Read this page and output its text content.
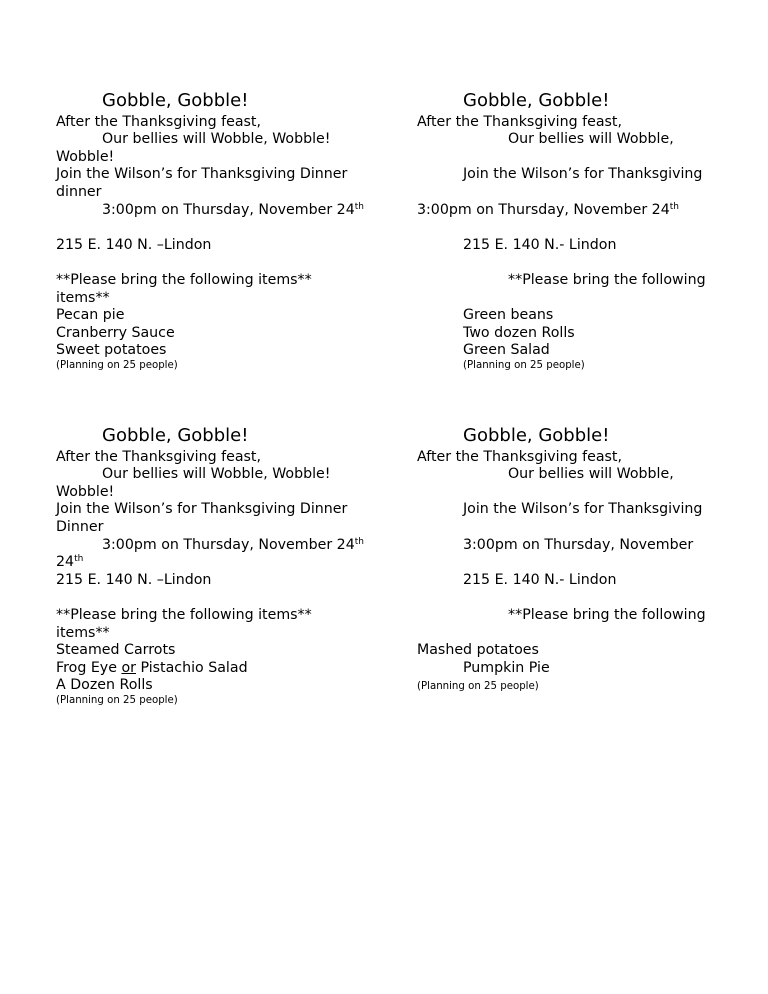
Gobble, Gobble!
After the Thanksgiving feast,
Our bellies will Wobble, Wobble!
Wobble!
Join the Wilson’s for Thanksgiving Dinner
dinner
3:00pm on Thursday, November 24th
215 E. 140 N. –Lindon
**Please bring the following items**
items**
Pecan pie
Cranberry Sauce
Sweet potatoes
(Planning on 25 people)
Gobble, Gobble!
After the Thanksgiving feast,
Our bellies will Wobble,
Join the Wilson’s for Thanksgiving
3:00pm on Thursday, November 24th
215 E. 140 N.- Lindon
**Please bring the following
Green beans
Two dozen Rolls
Green Salad
(Planning on 25 people)
Gobble, Gobble!
After the Thanksgiving feast,
Our bellies will Wobble, Wobble!
Wobble!
Join the Wilson’s for Thanksgiving Dinner
Dinner
3:00pm on Thursday, November 24th
24th
215 E. 140 N. –Lindon
**Please bring the following items**
items**
Steamed Carrots
Frog Eye or Pistachio Salad
A Dozen Rolls
(Planning on 25 people)
Gobble, Gobble!
After the Thanksgiving feast,
Our bellies will Wobble,
Join the Wilson’s for Thanksgiving
3:00pm on Thursday, November
215 E. 140 N.- Lindon
**Please bring the following
Mashed potatoes
Pumpkin Pie
(Planning on 25 people)
